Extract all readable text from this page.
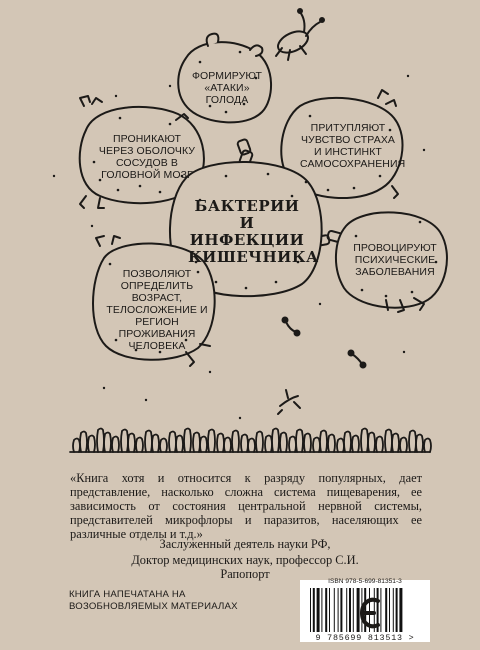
ФОРМИРУЮТ «АТАКИ» ГОЛОДА
ПРОНИКАЮТ ЧЕРЕЗ ОБОЛОЧКУ СОСУДОВ В ГОЛОВНОЙ МОЗГ
ПРИТУПЛЯЮТ ЧУВСТВО СТРАХА И ИНСТИНКТ САМОСОХРАНЕНИЯ
БАКТЕРИИ И ИНФЕКЦИИ КИШЕЧНИКА	ПРОВОЦИРУЮТ ПСИХИЧЕСКИЕ ЗАБОЛЕВАНИЯ
ПОЗВОЛЯЮТ ОПРЕДЕЛИТЬ ВОЗРАСТ, ТЕЛОСЛОЖЕНИЕ И РЕГИОН ПРОЖИВАНИЯ ЧЕЛОВЕКА
«Книга хотя и относится к разряду популярных, дает представление, насколько сложна система пищеварения, ее зависимость от состояния центральной нервной системы, представителей микрофлоры и паразитов, населяющих ее различные отделы и т.д.»
Заслуженный деятель науки РФ,
Доктор медицинских наук, профессор С.И. Рапопорт
КНИГА НАПЕЧАТАНА НА ВОЗОБНОВЛЯЕМЫХ МАТЕРИАЛАХ
ISBN 978-5-699-81351-3
9 785699 813513 >
